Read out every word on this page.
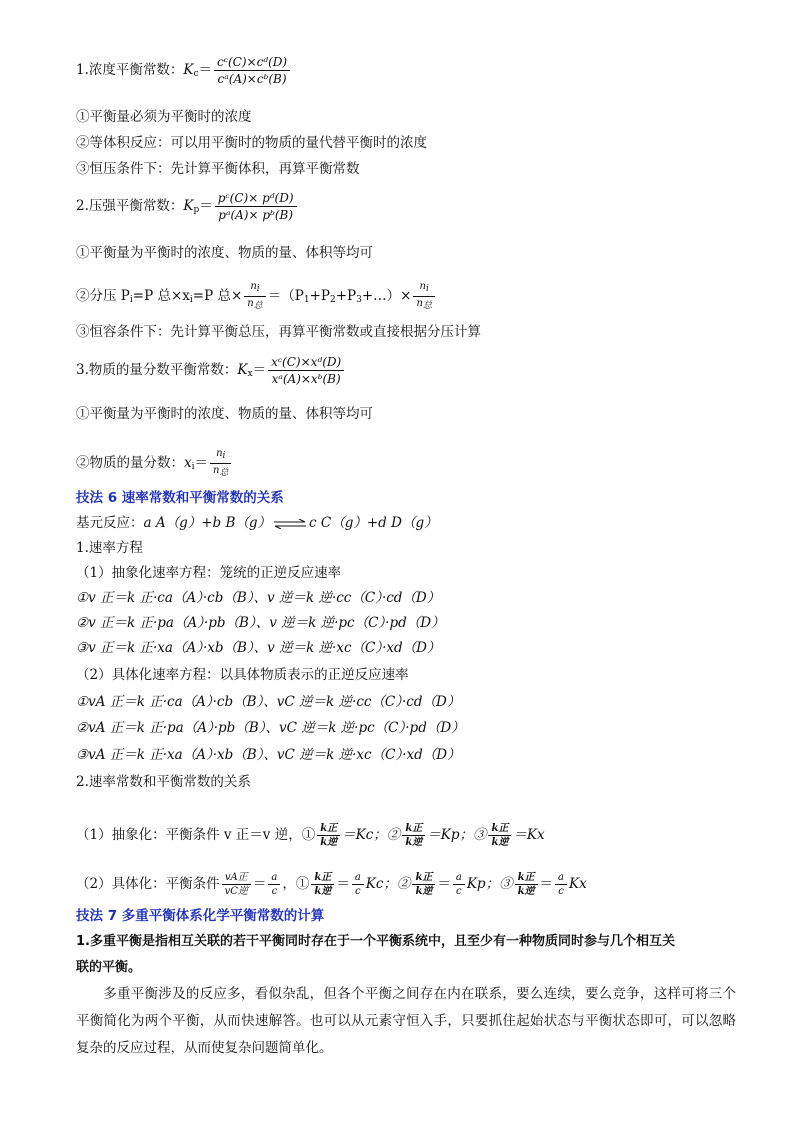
1.浓度平衡常数：$K_c= \frac{\text{cᶜ(C)×cᵈ(D)}}{\text{cᵃ(A)×cᵇ(B)}}$
①平衡量必须为平衡时的浓度
②等体积反应：可以用平衡时的物质的量代替平衡时的浓度
③恒压条件下：先计算平衡体积，再算平衡常数
2.压强平衡常数：$K_p= \frac{\text{pᶜ(C)× pᵈ(D)}}{\text{pᵃ(A)× pᵇ(B)}}$
①平衡量为平衡时的浓度、物质的量、体积等均可
②分压 $P_i=P$ 总$\times x_i=P$ 总× $\frac{ni}{\text{n总}}$ $=(P_1+P_2+P_3+\dots)\times \frac{ni}{\text{n总}}$
③恒容条件下：先计算平衡总压，再算平衡常数或直接根据分压计算
3.物质的量分数平衡常数：$K_x= \frac{\text{xᶜ(C)×xᵈ(D)}}{\text{xᵃ(A)×xᵇ(B)}}$
①平衡量为平衡时的浓度、物质的量、体积等均可
②物质的量分数：$x_i= \frac{ni}{\text{n总}}$
技法 6 速率常数和平衡常数的关系
基元反应：a A（g）+b B（g） ⇌ c C（g）+d D（g）
1.速率方程
（1）抽象化速率方程：笼统的正逆反应速率
①v 正＝k 正·ca（A）·cb（B）、v 逆＝k 逆·cc（C）·cd（D）
②v 正＝k 正·pa（A）·pb（B）、v 逆＝k 逆·pc（C）·pd（D）
③v 正＝k 正·xa（A）·xb（B）、v 逆＝k 逆·xc（C）·xd（D）
（2）具体化速率方程：以具体物质表示的正逆反应速率
①vA 正＝k 正·ca（A）·cb（B）、vC 逆＝k 逆·cc（C）·cd（D）
②vA 正＝k 正·pa（A）·pb（B）、vC 逆＝k 逆·pc（C）·pd（D）
③vA 正＝k 正·xa（A）·xb（B）、vC 逆＝k 逆·xc（C）·xd（D）
2.速率常数和平衡常数的关系
（1）抽象化：平衡条件 v 正＝v 逆，① $\frac{\text{k正}}{\text{k逆}} =Kc$；② $\frac{\text{k正}}{\text{k逆}} =Kp$；③ $\frac{\text{k正}}{\text{k逆}} =Kx$
（2）具体化：平衡条件 $\frac{\text{vA正}}{\text{vC逆}} = \frac{a}{c}$ ，① $\frac{\text{k正}}{\text{k逆}} = \frac{a}{c}$ Kc；② $\frac{\text{k正}}{\text{k逆}} = \frac{a}{c}$ Kp；③ $\frac{\text{k正}}{\text{k逆}} = \frac{a}{c}$ Kx
技法 7 多重平衡体系化学平衡常数的计算
1.多重平衡是指相互关联的若干平衡同时存在于一个平衡系统中，且至少有一种物质同时参与几个相互关
联的平衡。
多重平衡涉及的反应多，看似杂乱，但各个平衡之间存在内在联系，要么连续，要么竞争，这样可将三个平衡简化为两个平衡，从而快速解答。也可以从元素守恒入手，只要抓住起始状态与平衡状态即可，可以忽略复杂的反应过程，从而使复杂问题简单化。
